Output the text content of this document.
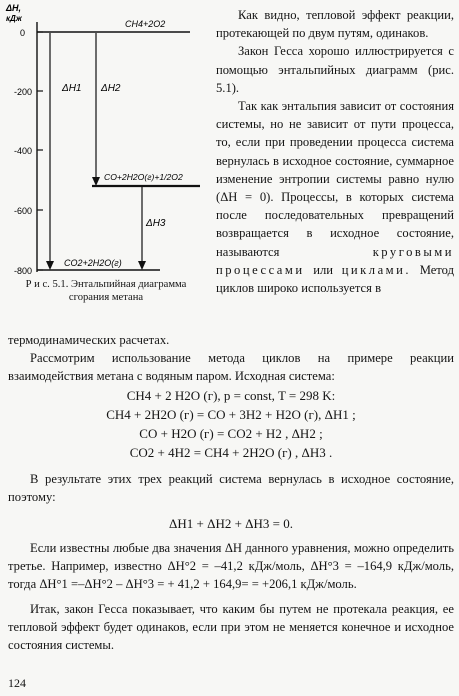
ΔH,
кДж
0
-200
-400
-600
-800
CH4+2O2
CO+2H2O(г)+1/2O2
CO2+2H2O(г)
ΔH1 ΔH2
ΔH3
Р и с. 5.1. Энтальпийная диаграмма
сгорания метана

Как видно, тепловой эффект реакции, протекающей по двум путям, одинаков.

Закон Гесса хорошо иллюстрируется с помощью энтальпийных диаграмм (рис. 5.1).

Так как энтальпия зависит от состояния системы, но не зависит от пути процесса, то, если при проведении процесса система вернулась в исходное состояние, суммарное изменение энтропии системы равно нулю (ΔH = 0). Процессы, в которых система после последовательных превращений возвращается в исходное состояние, называются	круговыми процессами или циклами. Метод циклов широко используется в

термодинамических расчетах.

Рассмотрим использование метода циклов на примере реакции взаимодействия метана с водяным паром. Исходная система:

CH4 + 2 H2O (г), p = const, T = 298 K:
CH4 + 2H2O (г) = CO + 3H2 + H2O (г), ΔH1 ;
CO + H2O (г) = CO2 + H2 , ΔH2 ;
CO2 + 4H2 = CH4 + 2H2O (г) , ΔH3 .

В результате этих трех реакций система вернулась в исходное состояние, поэтому:

ΔH1 + ΔH2 + ΔH3 = 0.

Если известны любые два значения ΔH данного уравнения, можно определить третье. Например, известно ΔH°2 = –41,2 кДж/моль, ΔH°3 = –164,9 кДж/моль, тогда ΔH°1 =–ΔH°2 – ΔH°3 = + 41,2 + 164,9= = +206,1 кДж/моль.

Итак, закон Гесса показывает, что каким бы путем не протекала реакция, ее тепловой эффект будет одинаков, если при этом не меняется конечное и исходное состояния системы.

124
